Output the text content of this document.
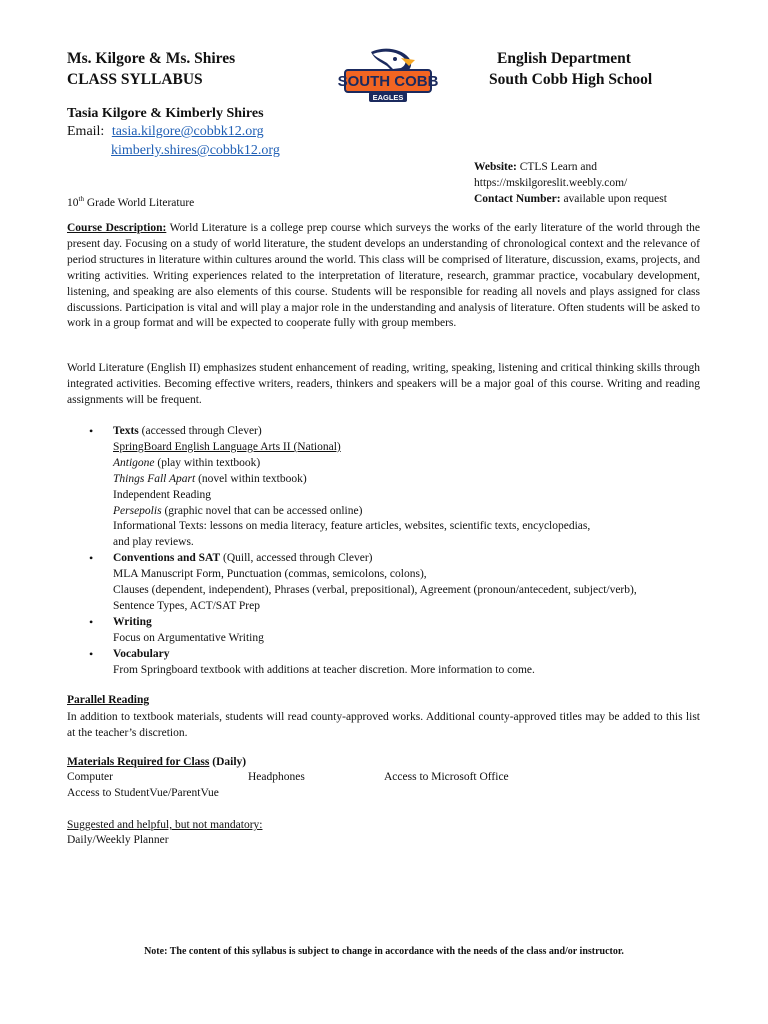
Ms. Kilgore & Ms. Shires
CLASS SYLLABUS
English Department
South Cobb High School
SOUTH COBB
EAGLES
Tasia Kilgore & Kimberly Shires
Email: tasia.kilgore@cobbk12.org
kimberly.shires@cobbk12.org
Website: CTLS Learn and
https://mskilgoreslit.weebly.com/
Contact Number: available upon request
10th Grade World Literature

Course Description: World Literature is a college prep course which surveys the works of the early literature of the world through the present day. Focusing on a study of world literature, the student develops an understanding of chronological context and the relevance of period structures in literature within cultures around the world. This class will be comprised of literature, discussion, exams, projects, and writing activities. Writing experiences related to the interpretation of literature, research, grammar practice, vocabulary development, listening, and speaking are also elements of this course. Students will be responsible for reading all novels and plays assigned for class discussions. Participation is vital and will play a major role in the understanding and analysis of literature. Often students will be asked to work in a group format and will be expected to cooperate fully with group members.

World Literature (English II) emphasizes student enhancement of reading, writing, speaking, listening and critical thinking skills through integrated activities. Becoming effective writers, readers, thinkers and speakers will be a major goal of this course. Writing and reading assignments will be frequent.

• Texts (accessed through Clever)
SpringBoard English Language Arts II (National)
Antigone (play within textbook)
Things Fall Apart (novel within textbook)
Independent Reading
Persepolis (graphic novel that can be accessed online)
Informational Texts: lessons on media literacy, feature articles, websites, scientific texts, encyclopedias, and play reviews.
• Conventions and SAT (Quill, accessed through Clever)
MLA Manuscript Form, Punctuation (commas, semicolons, colons),
Clauses (dependent, independent), Phrases (verbal, prepositional), Agreement (pronoun/antecedent, subject/verb), Sentence Types, ACT/SAT Prep
• Writing
Focus on Argumentative Writing
• Vocabulary
From Springboard textbook with additions at teacher discretion. More information to come.
Parallel Reading

In addition to textbook materials, students will read county-approved works. Additional county-approved titles may be added to this list at the teacher’s discretion.

Materials Required for Class (Daily)
Computer	Headphones	Access to Microsoft Office
Access to StudentVue/ParentVue
Suggested and helpful, but not mandatory:
Daily/Weekly Planner
Note: The content of this syllabus is subject to change in accordance with the needs of the class and/or instructor.
